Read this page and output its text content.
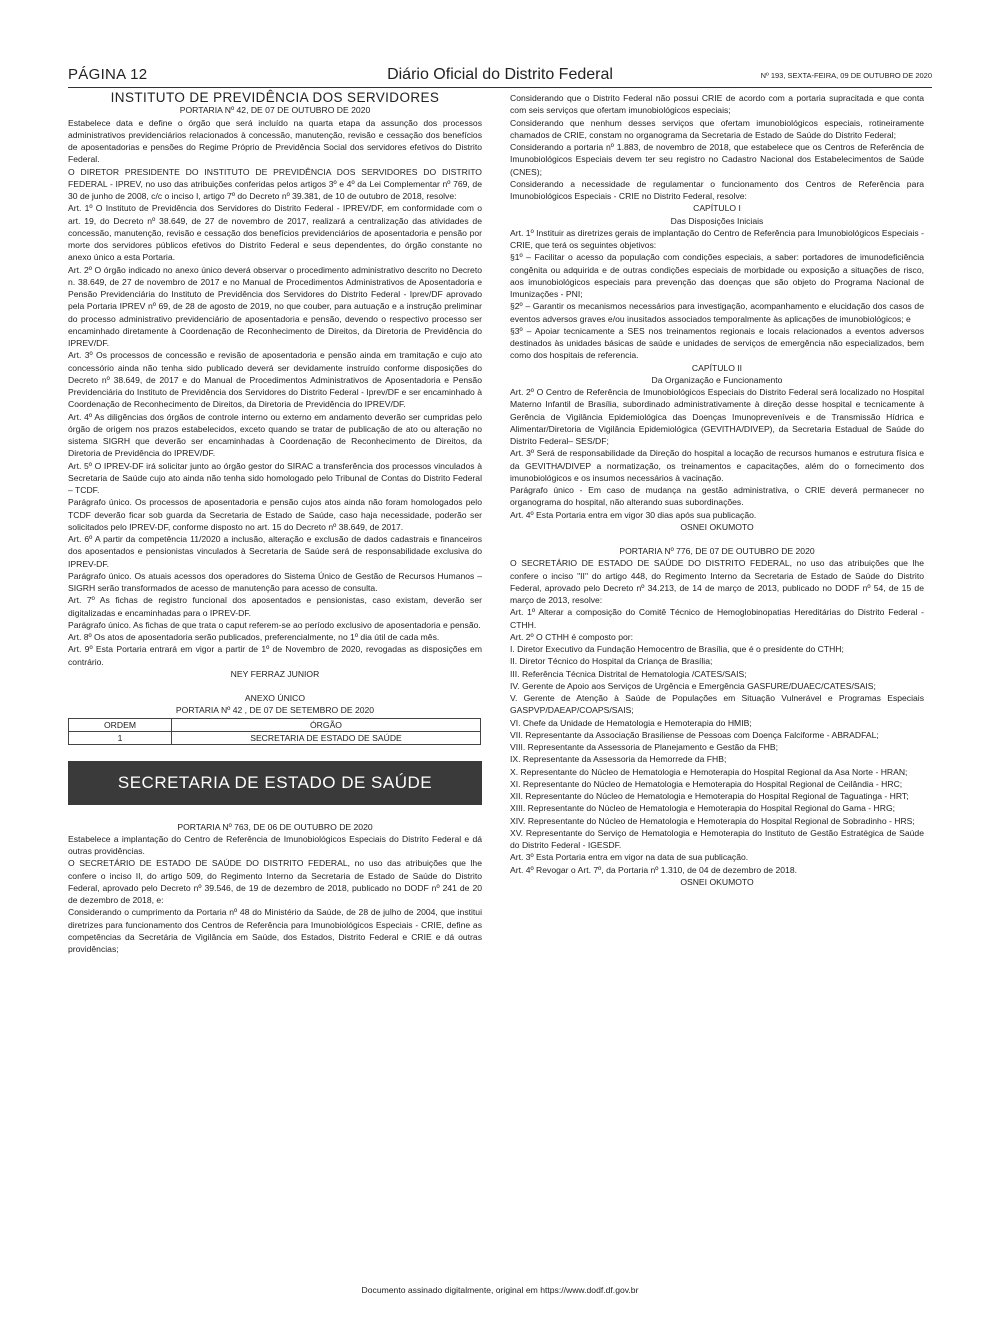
PÁGINA 12	Diário Oficial do Distrito Federal	Nº 193, SEXTA-FEIRA, 09 DE OUTUBRO DE 2020

INSTITUTO DE PREVIDÊNCIA DOS SERVIDORES

PORTARIA Nº 42, DE 07 DE OUTUBRO DE 2020

Estabelece data e define o órgão que será incluído na quarta etapa da assunção dos processos administrativos previdenciários relacionados à concessão, manutenção, revisão e cessação dos benefícios de aposentadorias e pensões do Regime Próprio de Previdência Social dos servidores efetivos do Distrito Federal.

O DIRETOR PRESIDENTE DO INSTITUTO DE PREVIDÊNCIA DOS SERVIDORES DO DISTRITO FEDERAL - IPREV, no uso das atribuições conferidas pelos artigos 3º e 4º da Lei Complementar nº 769, de 30 de junho de 2008, c/c o inciso I, artigo 7º do Decreto nº 39.381, de 10 de outubro de 2018, resolve:

Art. 1º O Instituto de Previdência dos Servidores do Distrito Federal - IPREV/DF, em conformidade com o art. 19, do Decreto nº 38.649, de 27 de novembro de 2017, realizará a centralização das atividades de concessão, manutenção, revisão e cessação dos benefícios previdenciários de aposentadoria e pensão por morte dos servidores públicos efetivos do Distrito Federal e seus dependentes, do órgão constante no anexo único a esta Portaria.

Art. 2º O órgão indicado no anexo único deverá observar o procedimento administrativo descrito no Decreto n. 38.649, de 27 de novembro de 2017 e no Manual de Procedimentos Administrativos de Aposentadoria e Pensão Previdenciária do Instituto de Previdência dos Servidores do Distrito Federal - Iprev/DF aprovado pela Portaria IPREV nº 69, de 28 de agosto de 2019, no que couber, para autuação e a instrução preliminar do processo administrativo previdenciário de aposentadoria e pensão, devendo o respectivo processo ser encaminhado diretamente à Coordenação de Reconhecimento de Direitos, da Diretoria de Previdência do IPREV/DF.

Art. 3º Os processos de concessão e revisão de aposentadoria e pensão ainda em tramitação e cujo ato concessório ainda não tenha sido publicado deverá ser devidamente instruído conforme disposições do Decreto nº 38.649, de 2017 e do Manual de Procedimentos Administrativos de Aposentadoria e Pensão Previdenciária do Instituto de Previdência dos Servidores do Distrito Federal - Iprev/DF e ser encaminhado à Coordenação de Reconhecimento de Direitos, da Diretoria de Previdência do IPREV/DF.

Art. 4º As diligências dos órgãos de controle interno ou externo em andamento deverão ser cumpridas pelo órgão de origem nos prazos estabelecidos, exceto quando se tratar de publicação de ato ou alteração no sistema SIGRH que deverão ser encaminhadas à Coordenação de Reconhecimento de Direitos, da Diretoria de Previdência do IPREV/DF.

Art. 5º O IPREV-DF irá solicitar junto ao órgão gestor do SIRAC a transferência dos processos vinculados à Secretaria de Saúde cujo ato ainda não tenha sido homologado pelo Tribunal de Contas do Distrito Federal – TCDF.

Parágrafo único. Os processos de aposentadoria e pensão cujos atos ainda não foram homologados pelo TCDF deverão ficar sob guarda da Secretaria de Estado de Saúde, caso haja necessidade, poderão ser solicitados pelo IPREV-DF, conforme disposto no art. 15 do Decreto nº 38.649, de 2017.

Art. 6º A partir da competência 11/2020 a inclusão, alteração e exclusão de dados cadastrais e financeiros dos aposentados e pensionistas vinculados à Secretaria de Saúde será de responsabilidade exclusiva do IPREV-DF.

Parágrafo único. Os atuais acessos dos operadores do Sistema Único de Gestão de Recursos Humanos – SIGRH serão transformados de acesso de manutenção para acesso de consulta.

Art. 7º As fichas de registro funcional dos aposentados e pensionistas, caso existam, deverão ser digitalizadas e encaminhadas para o IPREV-DF.

Parágrafo único. As fichas de que trata o caput referem-se ao período exclusivo de aposentadoria e pensão.

Art. 8º Os atos de aposentadoria serão publicados, preferencialmente, no 1º dia útil de cada mês.

Art. 9º Esta Portaria entrará em vigor a partir de 1º de Novembro de 2020, revogadas as disposições em contrário.

NEY FERRAZ JUNIOR

ANEXO ÚNICO

PORTARIA Nº 42 , DE 07 DE SETEMBRO DE 2020

ORDEM	ÓRGÃO
1	SECRETARIA DE ESTADO DE SAÚDE
SECRETARIA DE ESTADO DE SAÚDE

PORTARIA Nº 763, DE 06 DE OUTUBRO DE 2020

Estabelece a implantação do Centro de Referência de Imunobiológicos Especiais do Distrito Federal e dá outras providências.

O SECRETÁRIO DE ESTADO DE SAÚDE DO DISTRITO FEDERAL, no uso das atribuições que lhe confere o inciso II, do artigo 509, do Regimento Interno da Secretaria de Estado de Saúde do Distrito Federal, aprovado pelo Decreto nº 39.546, de 19 de dezembro de 2018, publicado no DODF nº 241 de 20 de dezembro de 2018, e:

Considerando o cumprimento da Portaria nº 48 do Ministério da Saúde, de 28 de julho de 2004, que institui diretrizes para funcionamento dos Centros de Referência para Imunobiológicos Especiais - CRIE, define as competências da Secretária de Vigilância em Saúde, dos Estados, Distrito Federal e CRIE e dá outras providências;

Considerando que o Distrito Federal não possui CRIE de acordo com a portaria supracitada e que conta com seis serviços que ofertam imunobiológicos especiais;

Considerando que nenhum desses serviços que ofertam imunobiológicos especiais, rotineiramente chamados de CRIE, constam no organograma da Secretaria de Estado de Saúde do Distrito Federal;

Considerando a portaria nº 1.883, de novembro de 2018, que estabelece que os Centros de Referência de Imunobiológicos Especiais devem ter seu registro no Cadastro Nacional dos Estabelecimentos de Saúde (CNES);

Considerando a necessidade de regulamentar o funcionamento dos Centros de Referência para Imunobiológicos Especiais - CRIE no Distrito Federal, resolve:

CAPÍTULO I

Das Disposições Iniciais

Art. 1º Instituir as diretrizes gerais de implantação do Centro de Referência para Imunobiológicos Especiais - CRIE, que terá os seguintes objetivos:

§1º – Facilitar o acesso da população com condições especiais, a saber: portadores de imunodeficiência congênita ou adquirida e de outras condições especiais de morbidade ou exposição a situações de risco, aos imunobiológicos especiais para prevenção das doenças que são objeto do Programa Nacional de Imunizações - PNI;

§2º – Garantir os mecanismos necessários para investigação, acompanhamento e elucidação dos casos de eventos adversos graves e/ou inusitados associados temporalmente às aplicações de imunobiológicos; e

§3º – Apoiar tecnicamente a SES nos treinamentos regionais e locais relacionados a eventos adversos destinados às unidades básicas de saúde e unidades de serviços de emergência não especializados, bem como dos hospitais de referencia.

CAPÍTULO II

Da Organização e Funcionamento

Art. 2º O Centro de Referência de Imunobiológicos Especiais do Distrito Federal será localizado no Hospital Materno Infantil de Brasília, subordinado administrativamente à direção desse hospital e tecnicamente à Gerência de Vigilância Epidemiológica das Doenças Imunopreveníveis e de Transmissão Hídrica e Alimentar/Diretoria de Vigilância Epidemiológica (GEVITHA/DIVEP), da Secretaria Estadual de Saúde do Distrito Federal– SES/DF;

Art. 3º Será de responsabilidade da Direção do hospital a locação de recursos humanos e estrutura física e da GEVITHA/DIVEP a normatização, os treinamentos e capacitações, além do o fornecimento dos imunobiológicos e os insumos necessários à vacinação.

Parágrafo único - Em caso de mudança na gestão administrativa, o CRIE deverá permanecer no organograma do hospital, não alterando suas subordinações.

Art. 4º Esta Portaria entra em vigor 30 dias após sua publicação.

OSNEI OKUMOTO

PORTARIA Nº 776, DE 07 DE OUTUBRO DE 2020

O SECRETÁRIO DE ESTADO DE SAÚDE DO DISTRITO FEDERAL, no uso das atribuições que lhe confere o inciso "II" do artigo 448, do Regimento Interno da Secretaria de Estado de Saúde do Distrito Federal, aprovado pelo Decreto nº 34.213, de 14 de março de 2013, publicado no DODF nº 54, de 15 de março de 2013, resolve:

Art. 1º Alterar a composição do Comitê Técnico de Hemoglobinopatias Hereditárias do Distrito Federal - CTHH.

Art. 2º O CTHH é composto por:

I. Diretor Executivo da Fundação Hemocentro de Brasília, que é o presidente do CTHH;

II. Diretor Técnico do Hospital da Criança de Brasília;

III. Referência Técnica Distrital de Hematologia /CATES/SAIS;

IV. Gerente de Apoio aos Serviços de Urgência e Emergência GASFURE/DUAEC/CATES/SAIS;

V. Gerente de Atenção à Saúde de Populações em Situação Vulnerável e Programas Especiais GASPVP/DAEAP/COAPS/SAIS;

VI. Chefe da Unidade de Hematologia e Hemoterapia do HMIB;

VII. Representante da Associação Brasiliense de Pessoas com Doença Falciforme - ABRADFAL;

VIII. Representante da Assessoria de Planejamento e Gestão da FHB;

IX. Representante da Assessoria da Hemorrede da FHB;

X. Representante do Núcleo de Hematologia e Hemoterapia do Hospital Regional da Asa Norte - HRAN;

XI. Representante do Núcleo de Hematologia e Hemoterapia do Hospital Regional de Ceilândia - HRC;

XII. Representante do Núcleo de Hematologia e Hemoterapia do Hospital Regional de Taguatinga - HRT;

XIII. Representante do Núcleo de Hematologia e Hemoterapia do Hospital Regional do Gama - HRG;

XIV. Representante do Núcleo de Hematologia e Hemoterapia do Hospital Regional de Sobradinho - HRS;

XV. Representante do Serviço de Hematologia e Hemoterapia do Instituto de Gestão Estratégica de Saúde do Distrito Federal - IGESDF.

Art. 3º Esta Portaria entra em vigor na data de sua publicação.

Art. 4º Revogar o Art. 7º, da Portaria nº 1.310, de 04 de dezembro de 2018.

OSNEI OKUMOTO

Documento assinado digitalmente, original em https://www.dodf.df.gov.br
